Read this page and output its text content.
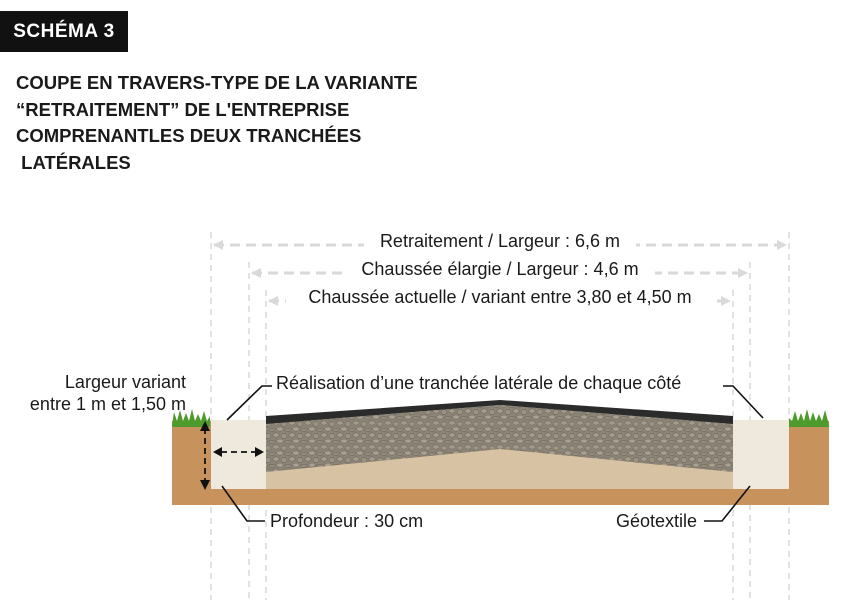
SCHÉMA 3
COUPE EN TRAVERS-TYPE DE LA VARIANTE
“RETRAITEMENT” DE L'ENTREPRISE
COMPRENANTLES DEUX TRANCHÉES
LATÉRALES
Retraitement / Largeur : 6,6 m
Chaussée élargie / Largeur : 4,6 m
Chaussée actuelle / variant entre 3,80 et 4,50 m
Largeur variant
entre 1 m et 1,50 m
Réalisation d’une tranchée latérale de chaque côté
Profondeur : 30 cm	Géotextile
